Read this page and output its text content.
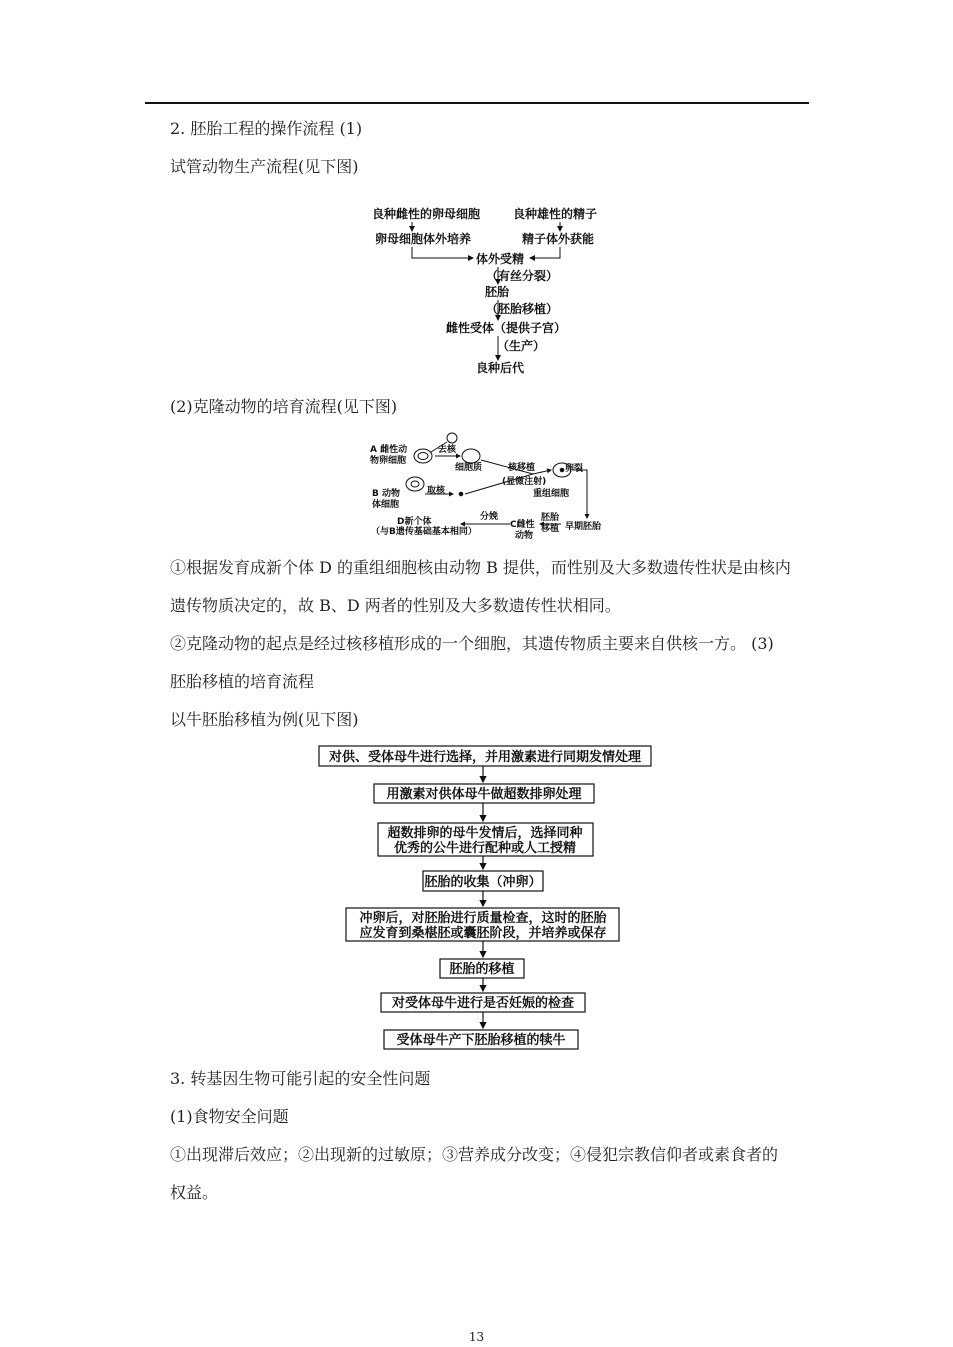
2. 胚胎工程的操作流程 (1)
试管动物生产流程(见下图)
良种雌性的卵母细胞	良种雄性的精子
卵母细胞体外培养	精子体外获能
体外受精
（有丝分裂）
胚胎
（胚胎移植）
雌性受体（提供子宫）
（生产）
良种后代
(2)克隆动物的培育流程(见下图)
A 雌性动
物卵细胞
去核
细胞质
B 动物
体细胞
取核
核移植
(显微注射)
重组细胞
卵裂
D新个体
（与B遗传基础基本相同）
分娩
C雌性
动物
胚胎
移植 早期胚胎
①根据发育成新个体 D 的重组细胞核由动物 B 提供，而性别及大多数遗传性状是由核内
遗传物质决定的，故 B、D 两者的性别及大多数遗传性状相同。
②克隆动物的起点是经过核移植形成的一个细胞，其遗传物质主要来自供核一方。 (3)
胚胎移植的培育流程
以牛胚胎移植为例(见下图)
对供、受体母牛进行选择，并用激素进行同期发情处理
用激素对供体母牛做超数排卵处理
超数排卵的母牛发情后，选择同种
优秀的公牛进行配种或人工授精
胚胎的收集（冲卵）
冲卵后，对胚胎进行质量检查，这时的胚胎
应发育到桑椹胚或囊胚阶段，并培养或保存
胚胎的移植
对受体母牛进行是否妊娠的检查
受体母牛产下胚胎移植的犊牛
3. 转基因生物可能引起的安全性问题
(1)食物安全问题
①出现滞后效应；②出现新的过敏原；③营养成分改变；④侵犯宗教信仰者或素食者的
权益。
13
